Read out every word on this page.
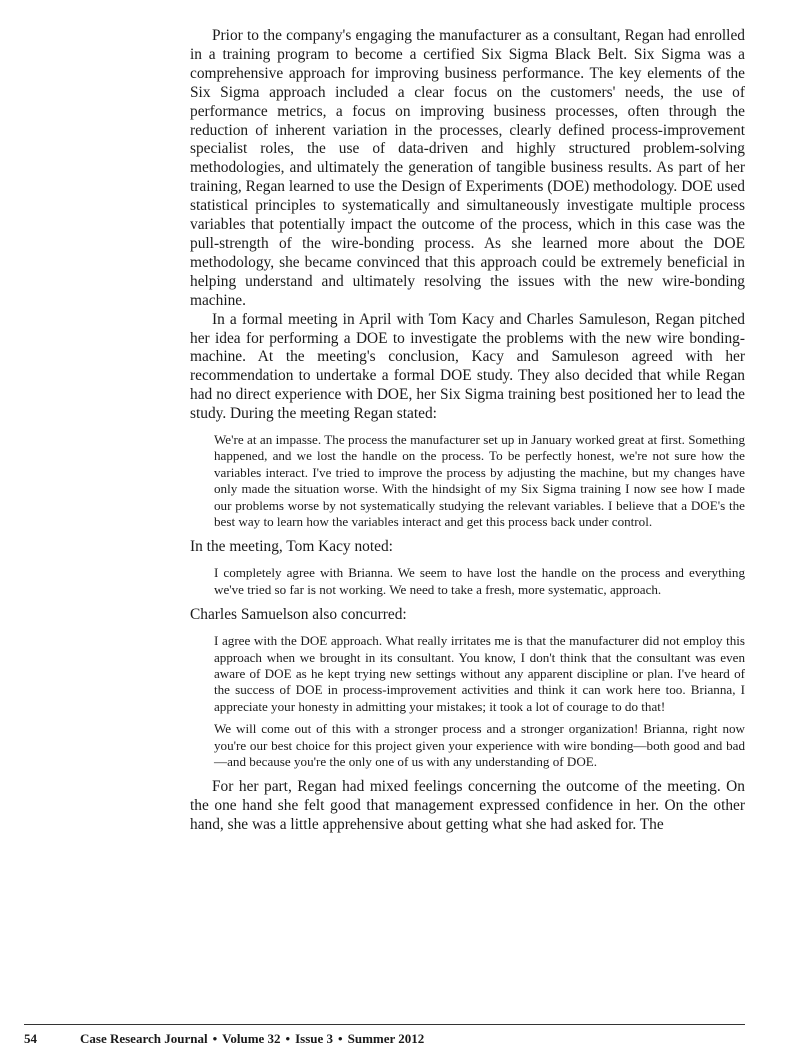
Prior to the company's engaging the manufacturer as a consultant, Regan had enrolled in a training program to become a certified Six Sigma Black Belt. Six Sigma was a comprehensive approach for improving business performance. The key elements of the Six Sigma approach included a clear focus on the customers' needs, the use of performance metrics, a focus on improving business processes, often through the reduction of inherent variation in the processes, clearly defined process-improvement specialist roles, the use of data-driven and highly structured problem-solving methodologies, and ultimately the generation of tangible business results. As part of her training, Regan learned to use the Design of Experiments (DOE) methodology. DOE used statistical principles to systematically and simultaneously investigate multiple process variables that potentially impact the outcome of the process, which in this case was the pull-strength of the wire-bonding process. As she learned more about the DOE methodology, she became convinced that this approach could be extremely beneficial in helping understand and ultimately resolving the issues with the new wire-bonding machine.

In a formal meeting in April with Tom Kacy and Charles Samuleson, Regan pitched her idea for performing a DOE to investigate the problems with the new wire bonding-machine. At the meeting's conclusion, Kacy and Samuleson agreed with her recommendation to undertake a formal DOE study. They also decided that while Regan had no direct experience with DOE, her Six Sigma training best positioned her to lead the study. During the meeting Regan stated:

We're at an impasse. The process the manufacturer set up in January worked great at first. Something happened, and we lost the handle on the process. To be perfectly honest, we're not sure how the variables interact. I've tried to improve the process by adjusting the machine, but my changes have only made the situation worse. With the hindsight of my Six Sigma training I now see how I made our problems worse by not systematically studying the relevant variables. I believe that a DOE's the best way to learn how the variables interact and get this process back under control.

In the meeting, Tom Kacy noted:

I completely agree with Brianna. We seem to have lost the handle on the process and everything we've tried so far is not working. We need to take a fresh, more systematic, approach.

Charles Samuelson also concurred:

I agree with the DOE approach. What really irritates me is that the manufacturer did not employ this approach when we brought in its consultant. You know, I don't think that the consultant was even aware of DOE as he kept trying new settings without any apparent discipline or plan. I've heard of the success of DOE in process-improvement activities and think it can work here too. Brianna, I appreciate your honesty in admitting your mistakes; it took a lot of courage to do that!

We will come out of this with a stronger process and a stronger organization! Brianna, right now you're our best choice for this project given your experience with wire bonding—both good and bad—and because you're the only one of us with any understanding of DOE.

For her part, Regan had mixed feelings concerning the outcome of the meeting. On the one hand she felt good that management expressed confidence in her. On the other hand, she was a little apprehensive about getting what she had asked for. The

54	Case Research Journal • Volume 32 • Issue 3 • Summer 2012
